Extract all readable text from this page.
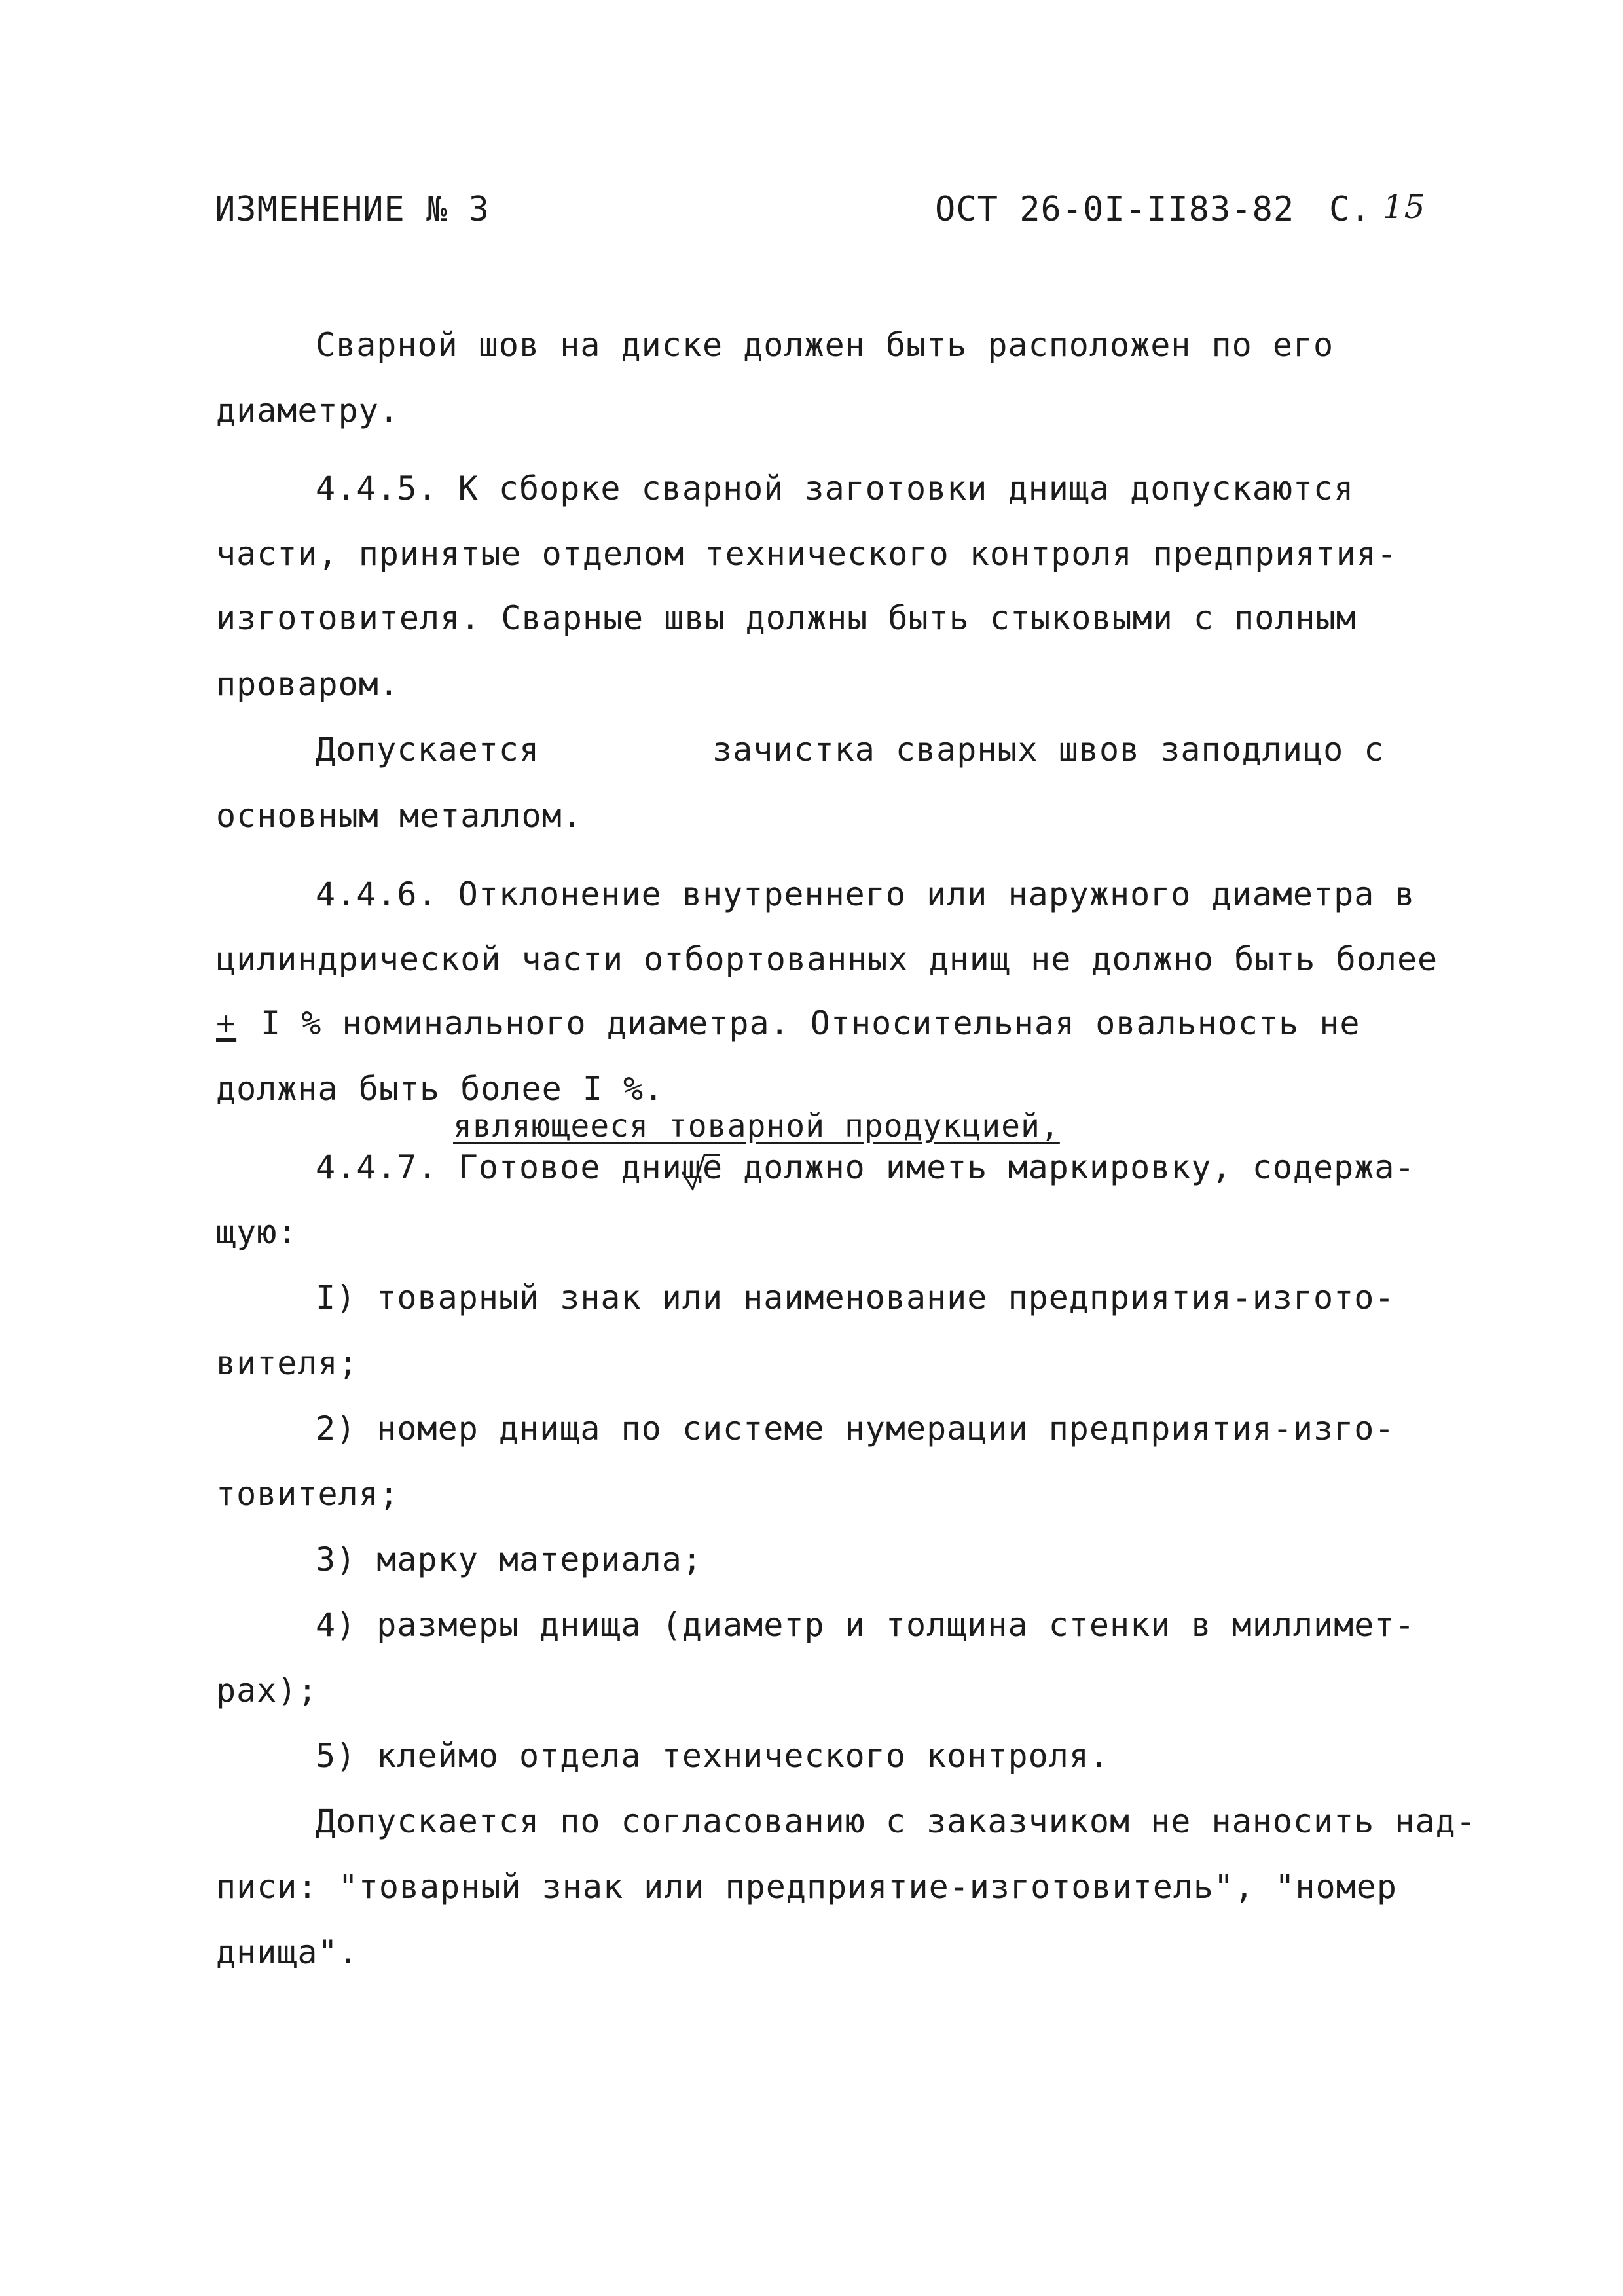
ИЗМЕНЕНИЕ № 3	ОСТ 26-0I-II83-82 С. 15
Сварной шов на диске должен быть расположен по его
диаметру.
4.4.5. К сборке сварной заготовки днища допускаются
части, принятые отделом технического контроля предприятия-
изготовителя. Сварные швы должны быть стыковыми с полным
проваром.
Допускается	зачистка сварных швов заподлицо с
основным металлом.
4.4.6. Отклонение внутреннего или наружного диаметра в
цилиндрической части отбортованных днищ не должно быть более
+ I % номинального диаметра. Относительная овальность не
должна быть более I %.
являющееся товарной продукцией,
4.4.7. Готовое днище должно иметь маркировку, содержа-
щую:
I) товарный знак или наименование предприятия-изгото-
вителя;
2) номер днища по системе нумерации предприятия-изго-
товителя;
3) марку материала;
4) размеры днища (диаметр и толщина стенки в миллимет-
рах);
5) клеймо отдела технического контроля.
Допускается по согласованию с заказчиком не наносить над-
писи: "товарный знак или предприятие-изготовитель", "номер
днища".
